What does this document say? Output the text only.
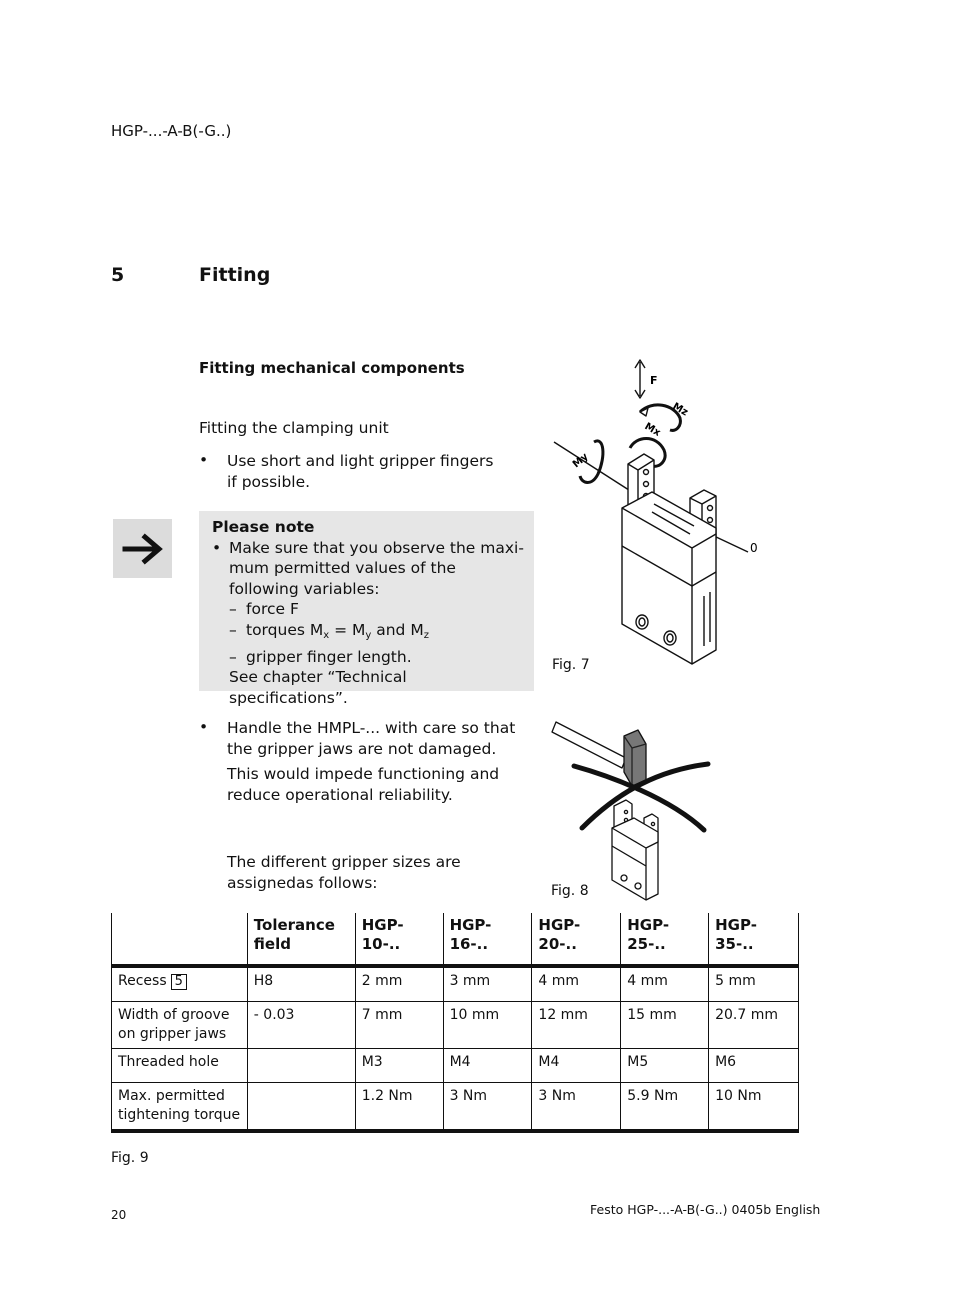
HGP-...-A-B(-G..)
5	Fitting
Fitting mechanical components
Fitting the clamping unit
• Use short and light gripper fingers if possible.
Please note
• Make sure that you observe the maximum permitted values of the following variables:
– force F
– torques $M_x = M_y$ and $M_z$
– gripper finger length.
See chapter “Technical specifications”.
F
Mz
Mx
My
0
Fig. 7
• Handle the HMPL-... with care so that the gripper jaws are not damaged.
This would impede functioning and reduce operational reliability.
Fig. 8
The different gripper sizes are assignedas follows:
	Tolerance field	HGP-10-..	HGP-16-..	HGP-20-..	HGP-25-..	HGP-35-..
Recess 5	H8	2 mm	3 mm	4 mm	4 mm	5 mm
Width of groove on gripper jaws	- 0.03	7 mm	10 mm	12 mm	15 mm	20.7 mm
Threaded hole		M3	M4	M4	M5	M6
Max. permitted tightening torque		1.2 Nm	3 Nm	3 Nm	5.9 Nm	10 Nm
Fig. 9
20	Festo HGP-...-A-B(-G..) 0405b English
